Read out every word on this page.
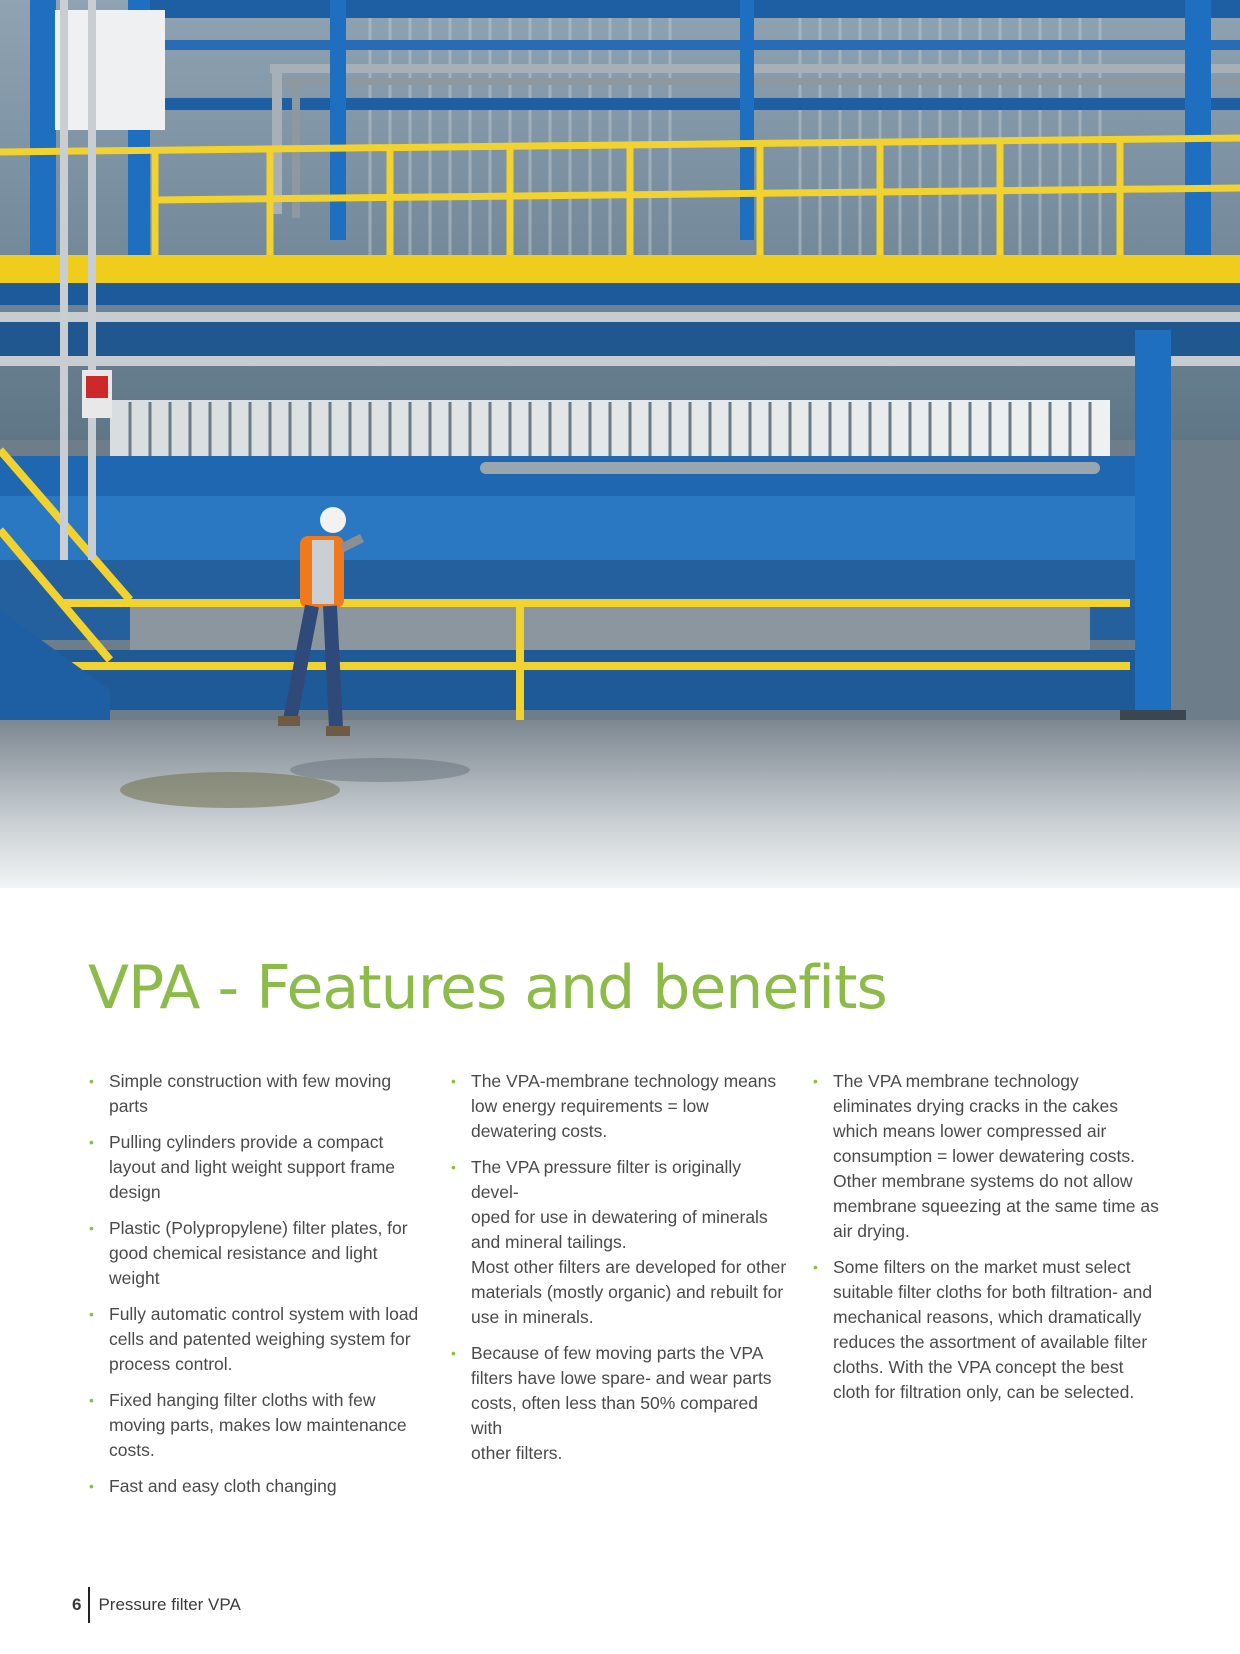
VPA - Features and benefits
• Simple construction with few moving
parts
• Pulling cylinders provide a compact
layout and light weight support frame
design
• Plastic (Polypropylene) filter plates, for
good chemical resistance and light
weight
• Fully automatic control system with load
cells and patented weighing system for
process control.
• Fixed hanging filter cloths with few
moving parts, makes low maintenance
costs.
• Fast and easy cloth changing
• The VPA-membrane technology means
low energy requirements = low
dewatering costs.
• The VPA pressure filter is originally devel-
oped for use in dewatering of minerals
and mineral tailings.
Most other filters are developed for other
materials (mostly organic) and rebuilt for
use in minerals.
• Because of few moving parts the VPA
filters have lowe spare- and wear parts
costs, often less than 50% compared with
other filters.
• The VPA membrane technology
eliminates drying cracks in the cakes
which means lower compressed air
consumption = lower dewatering costs.
Other membrane systems do not allow
membrane squeezing at the same time as
air drying.
• Some filters on the market must select
suitable filter cloths for both filtration- and
mechanical reasons, which dramatically
reduces the assortment of available filter
cloths. With the VPA concept the best
cloth for filtration only, can be selected.
6	Pressure filter VPA
